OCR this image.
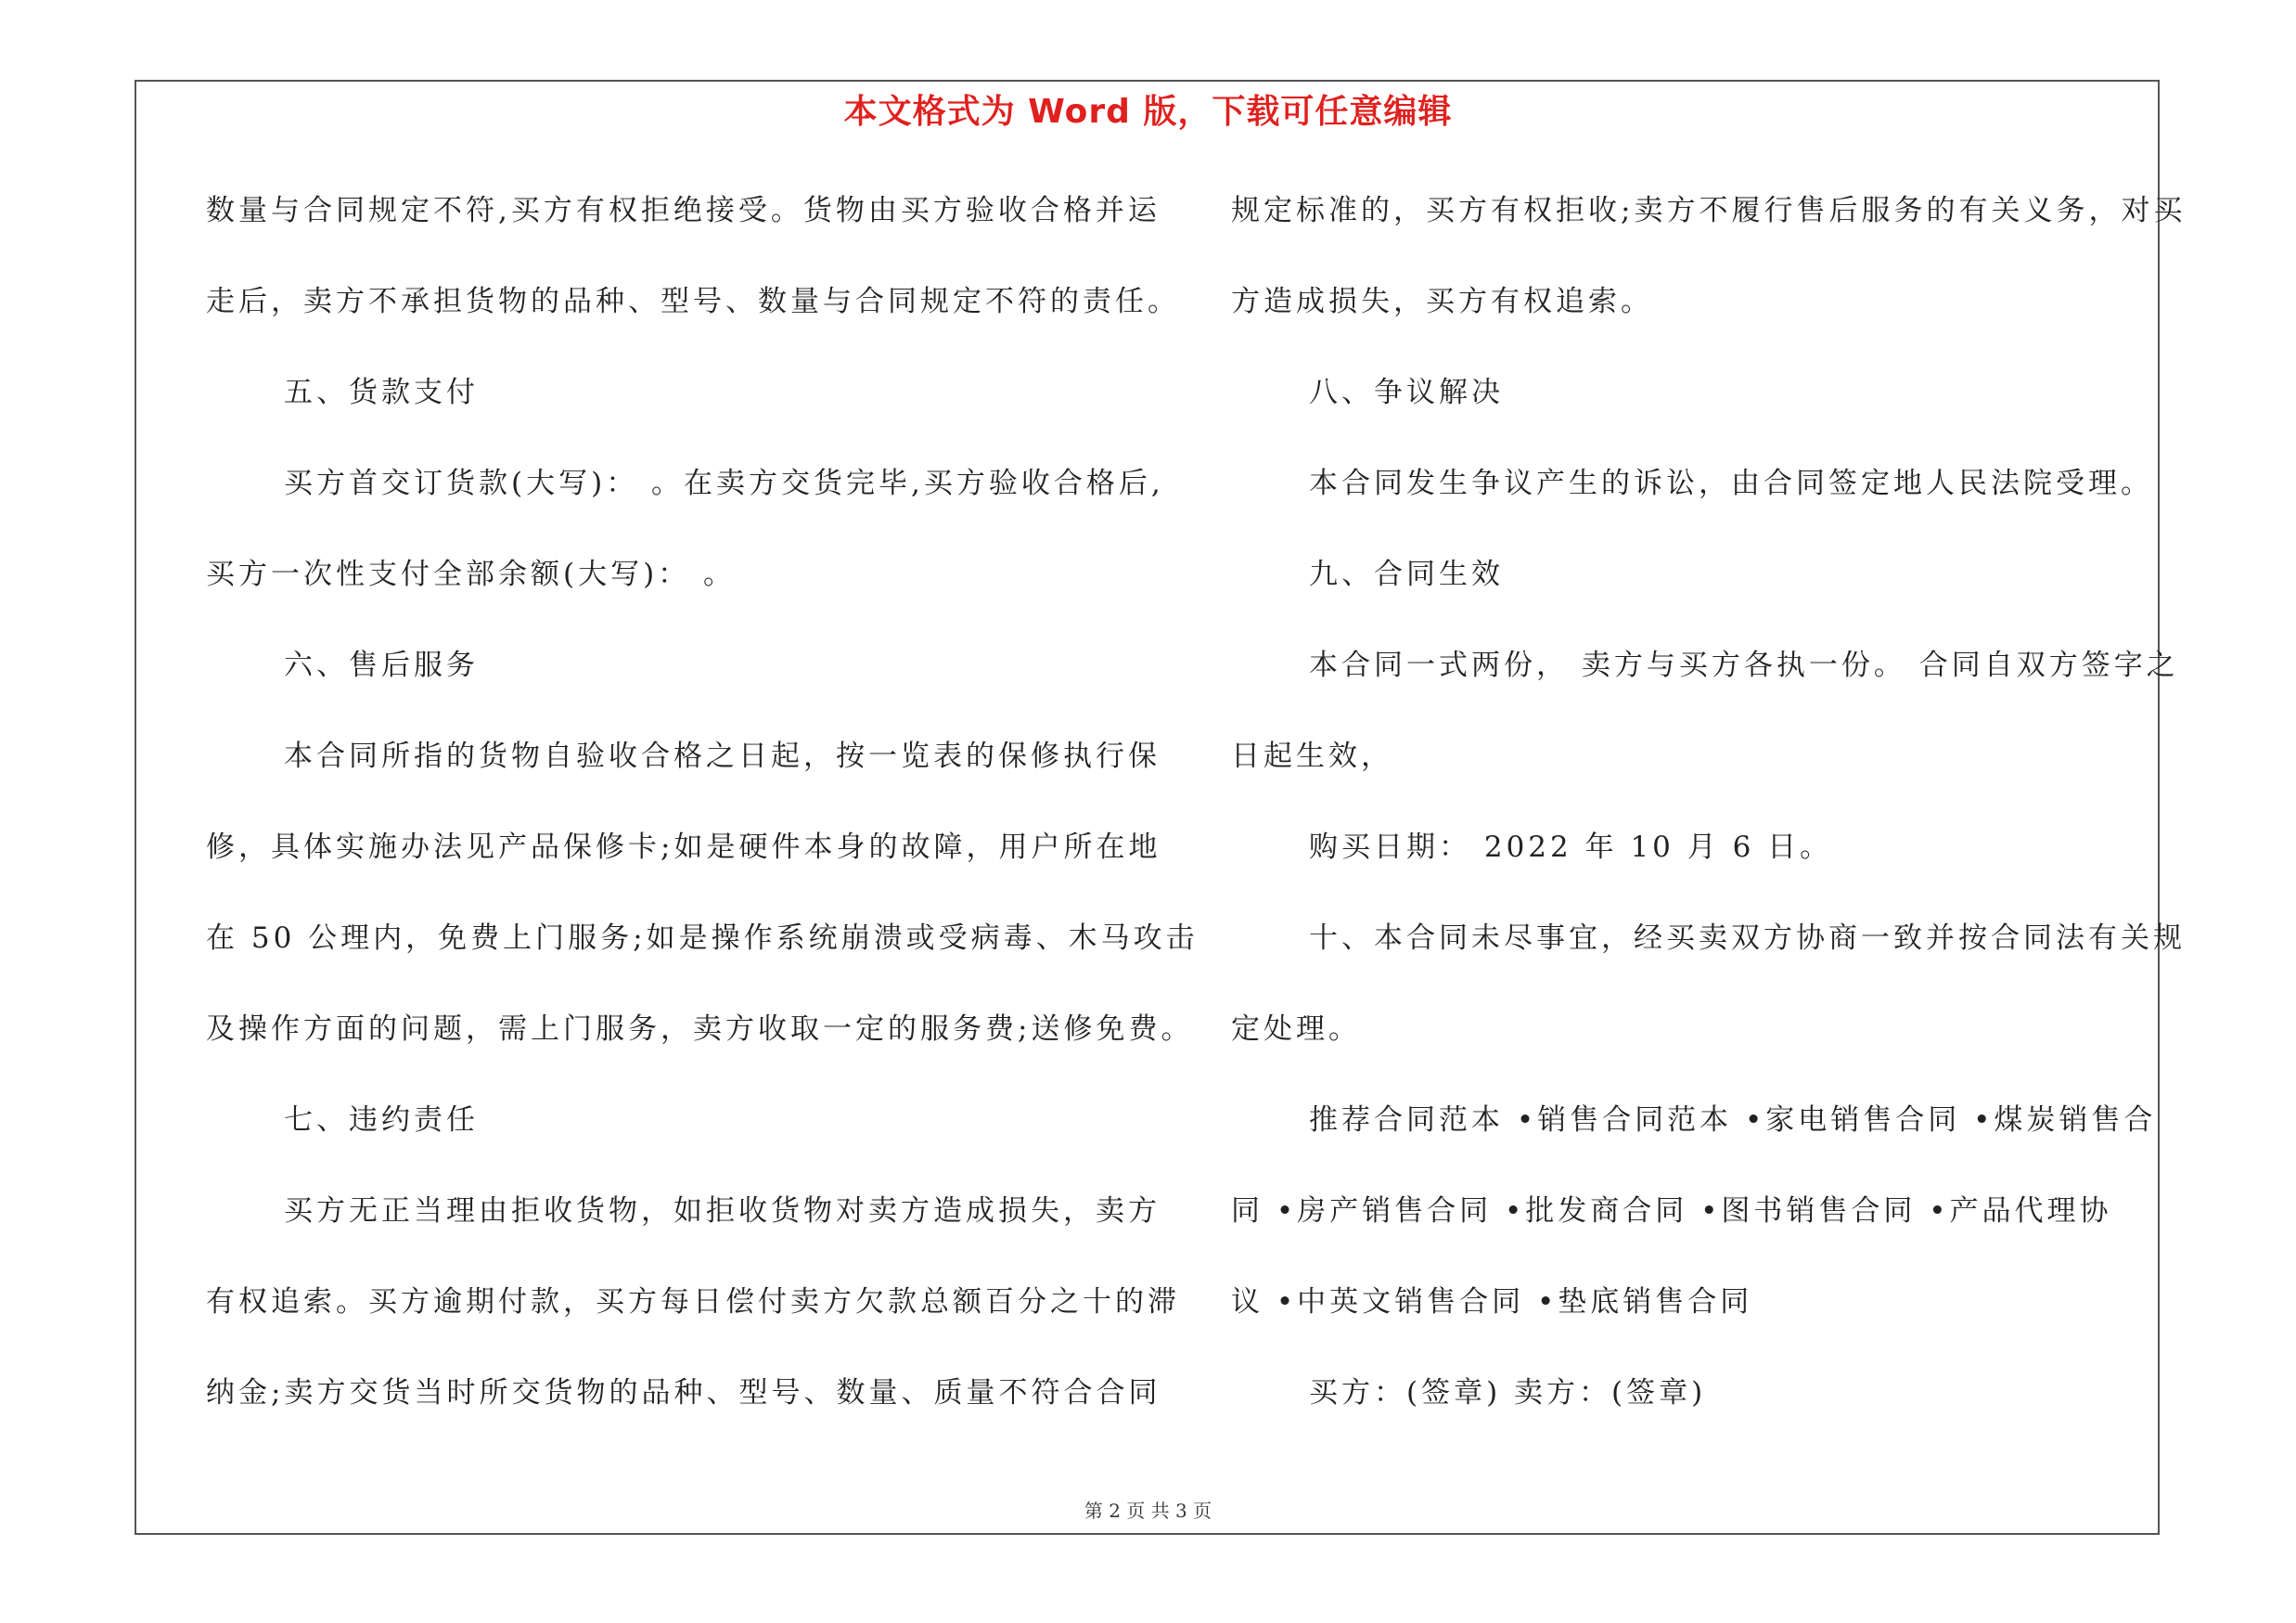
本文格式为 Word 版，下载可任意编辑
数量与合同规定不符,买方有权拒绝接受。货物由买方验收合格并运
走后，卖方不承担货物的品种、型号、数量与合同规定不符的责任。
五、货款支付
买方首交订货款(大写)： 。在卖方交货完毕,买方验收合格后,
买方一次性支付全部余额(大写)： 。
六、售后服务
本合同所指的货物自验收合格之日起，按一览表的保修执行保
修，具体实施办法见产品保修卡;如是硬件本身的故障，用户所在地
在 50 公理内，免费上门服务;如是操作系统崩溃或受病毒、木马攻击
及操作方面的问题，需上门服务，卖方收取一定的服务费;送修免费。
七、违约责任
买方无正当理由拒收货物，如拒收货物对卖方造成损失，卖方
有权追索。买方逾期付款，买方每日偿付卖方欠款总额百分之十的滞
纳金;卖方交货当时所交货物的品种、型号、数量、质量不符合合同
规定标准的，买方有权拒收;卖方不履行售后服务的有关义务，对买
方造成损失，买方有权追索。
八、争议解决
本合同发生争议产生的诉讼，由合同签定地人民法院受理。
九、合同生效
本合同一式两份， 卖方与买方各执一份。 合同自双方签字之
日起生效，
购买日期： 2022 年 10 月 6 日。
十、本合同未尽事宜，经买卖双方协商一致并按合同法有关规
定处理。
推荐合同范本 •销售合同范本 •家电销售合同 •煤炭销售合
同 •房产销售合同 •批发商合同 •图书销售合同 •产品代理协
议 •中英文销售合同 •垫底销售合同
买方：(签章) 卖方：(签章)
第 2 页 共 3 页
